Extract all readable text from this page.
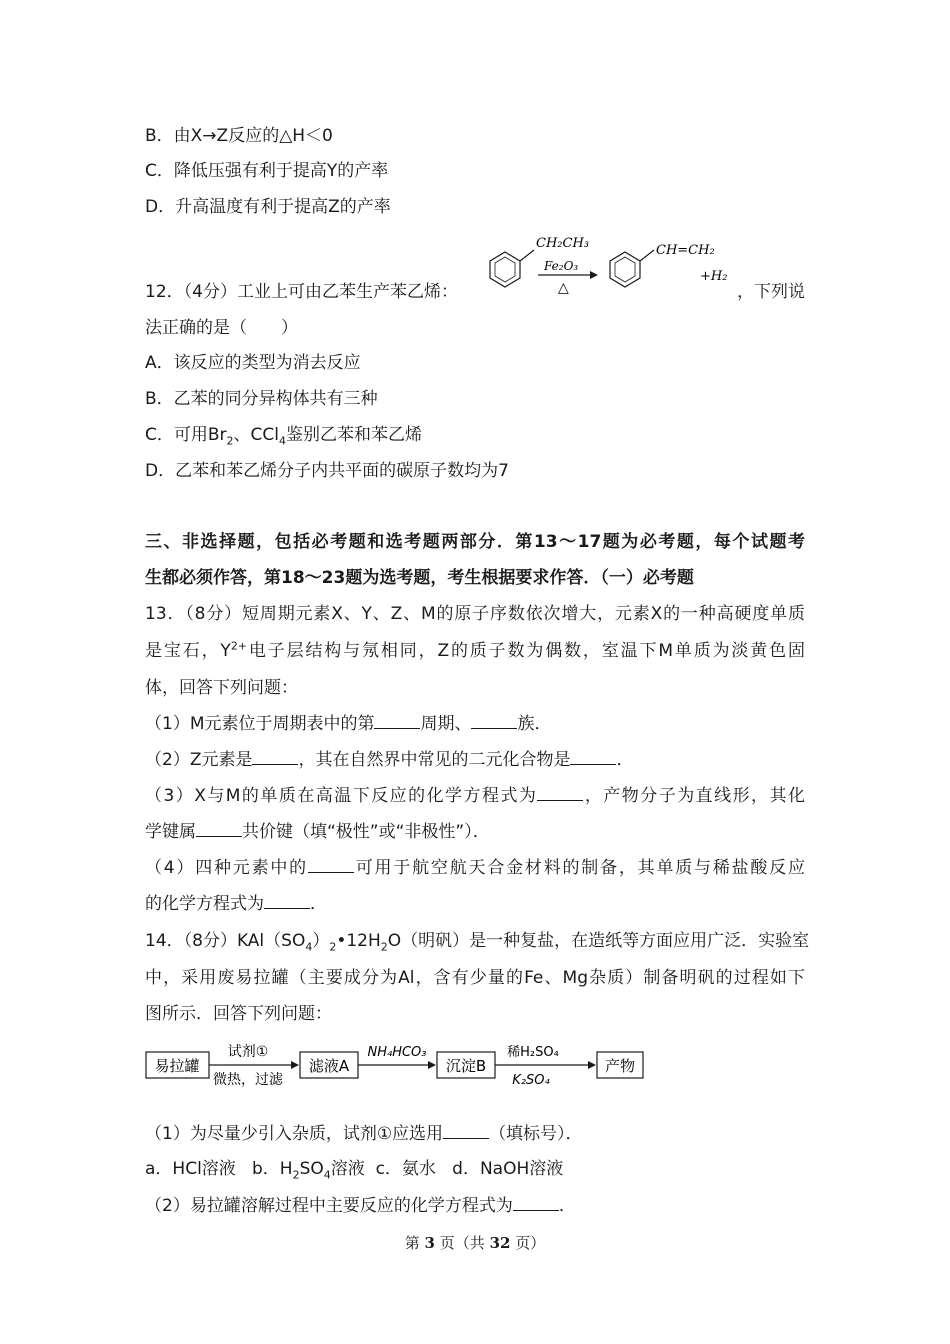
B．由X→Z反应的△H＜0
C．降低压强有利于提高Y的产率
D．升高温度有利于提高Z的产率
12．（4分）工业上可由乙苯生产苯乙烯：	，下列说
CH₂CH₃
Fe₂O₃
△
CH=CH₂
+H₂
法正确的是（　　）
A．该反应的类型为消去反应
B．乙苯的同分异构体共有三种
C．可用$Br_2$、CCl$_4$鉴别乙苯和苯乙烯
D．乙苯和苯乙烯分子内共平面的碳原子数均为7
三、非选择题，包括必考题和选考题两部分．第13～17题为必考题，每个试题考
生都必须作答，第18～23题为选考题，考生根据要求作答．（一）必考题
13．（8分）短周期元素X、Y、Z、M的原子序数依次增大，元素X的一种高硬度单质
是宝石，$Y^{2+}$电子层结构与氖相同，Z的质子数为偶数，室温下M单质为淡黄色固
体，回答下列问题：
（1）M元素位于周期表中的第	周期、	族．
（2）Z元素是	，其在自然界中常见的二元化合物是	．
（3）X与M的单质在高温下反应的化学方程式为	，产物分子为直线形，其化
学键属	共价键（填“极性”或“非极性”）．
（4）四种元素中的	可用于航空航天合金材料的制备，其单质与稀盐酸反应
的化学方程式为	．
14．（8分）$KAl(SO_4)_2•12H_2O$（明矾）是一种复盐，在造纸等方面应用广泛．实验室
中，采用废易拉罐（主要成分为Al，含有少量的Fe、Mg杂质）制备明矾的过程如下
图所示．回答下列问题：
易拉罐
试剂①
微热，过滤
滤液A
NH₄HCO₃
沉淀B
稀H₂SO₄
K₂SO₄
产物
（1）为尽量少引入杂质，试剂①应选用	（填标号）．
a．HCl溶液 b．$H_2SO_4$溶液 c．氨水 d．NaOH溶液
（2）易拉罐溶解过程中主要反应的化学方程式为	．
第 3 页（共 32 页）
